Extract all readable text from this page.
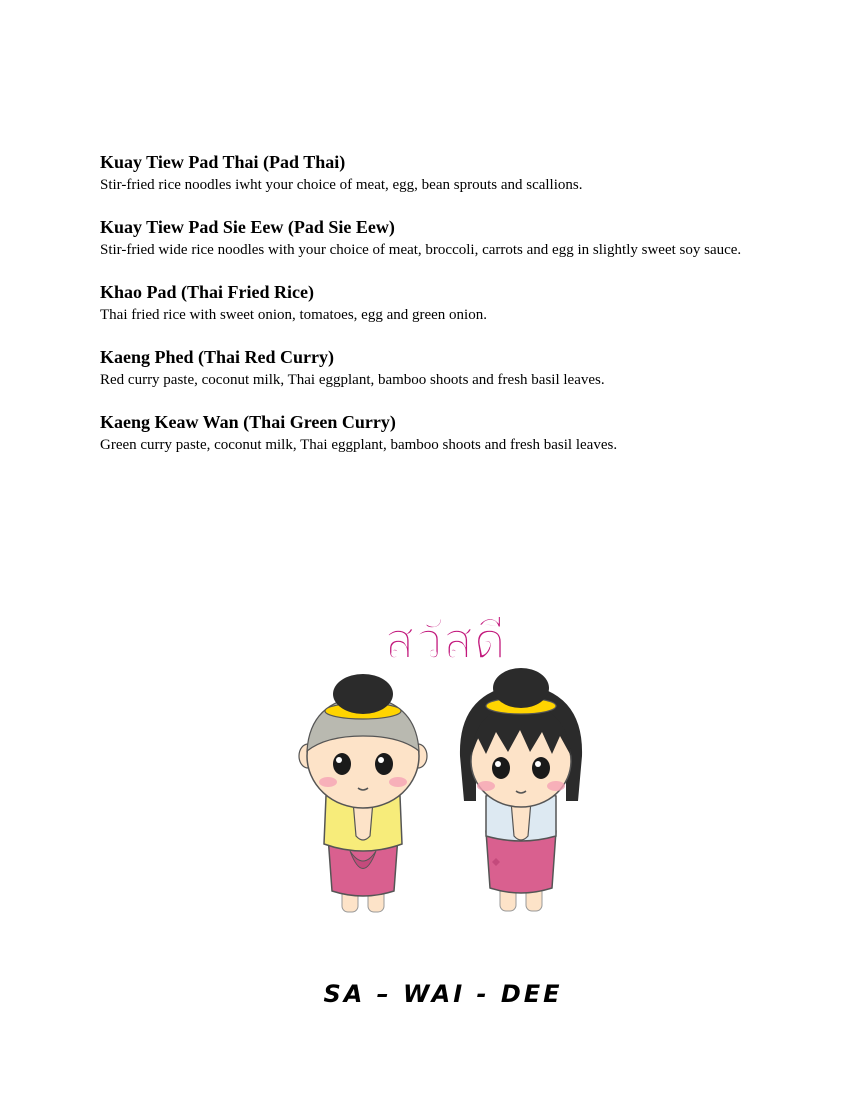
Kuay Tiew Pad Thai (Pad Thai)

Stir-fried rice noodles iwht your choice of meat, egg, bean sprouts and scallions.

Kuay Tiew Pad Sie Eew (Pad Sie Eew)

Stir-fried wide rice noodles with your choice of meat, broccoli, carrots and egg in slightly sweet soy sauce.

Khao Pad (Thai Fried Rice)

Thai fried rice with sweet onion, tomatoes, egg and green onion.

Kaeng Phed (Thai Red Curry)

Red curry paste, coconut milk, Thai eggplant, bamboo shoots and fresh basil leaves.

Kaeng Keaw Wan (Thai Green Curry)

Green curry paste, coconut milk, Thai eggplant, bamboo shoots and fresh basil leaves.

สวัสดี
SA – WAI - DEE
